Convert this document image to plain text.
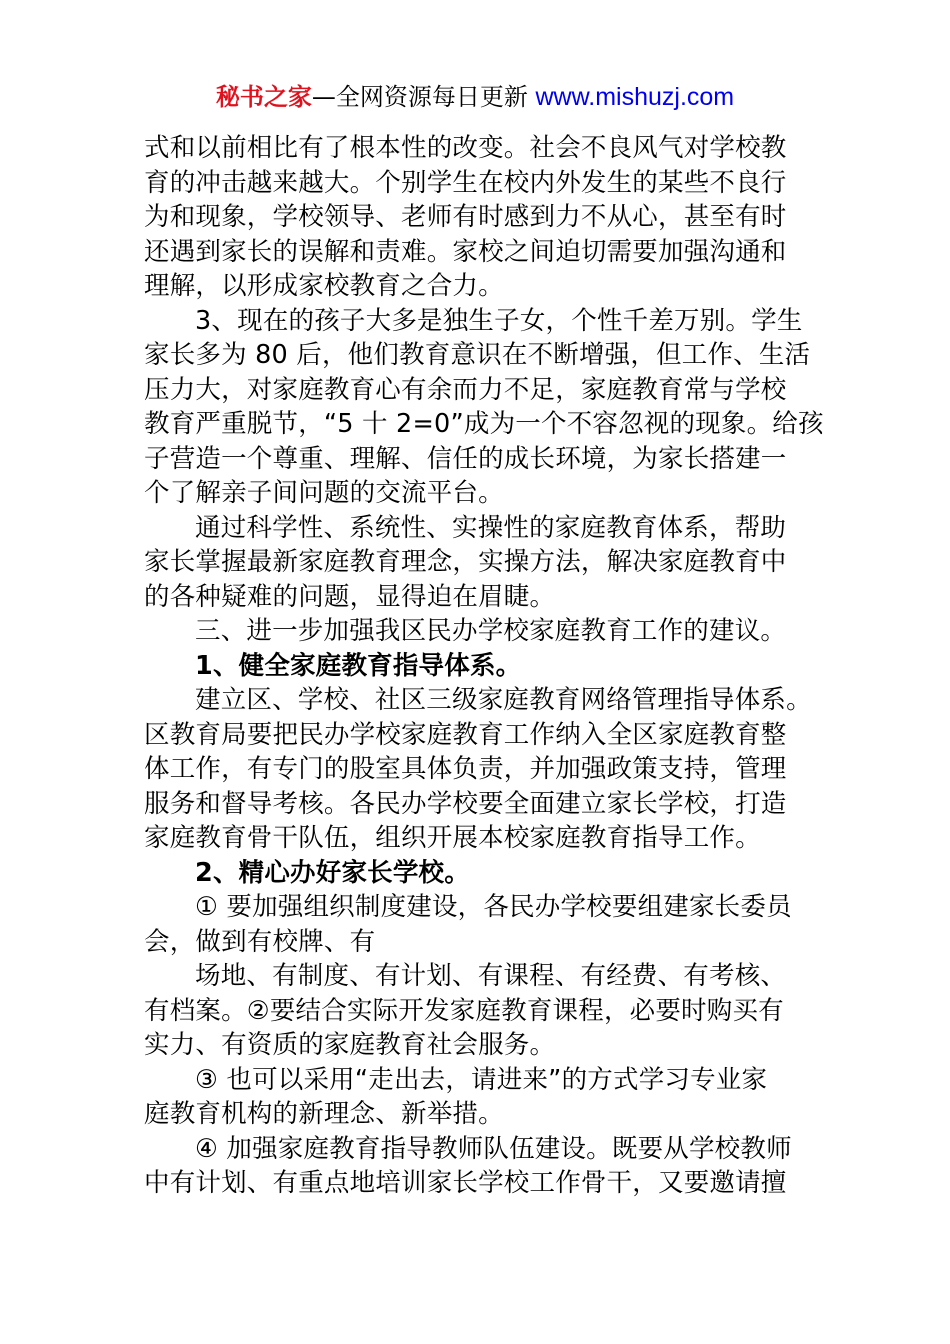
秘书之家—全网资源每日更新 www.mishuzj.com
式和以前相比有了根本性的改变。社会不良风气对学校教
育的冲击越来越大。个别学生在校内外发生的某些不良行
为和现象，学校领导、老师有时感到力不从心，甚至有时
还遇到家长的误解和责难。家校之间迫切需要加强沟通和
理解，以形成家校教育之合力。
3、现在的孩子大多是独生子女，个性千差万别。学生
家长多为 80 后，他们教育意识在不断增强，但工作、生活
压力大，对家庭教育心有余而力不足，家庭教育常与学校
教育严重脱节，“5 十 2=0”成为一个不容忽视的现象。给孩
子营造一个尊重、理解、信任的成长环境，为家长搭建一
个了解亲子间问题的交流平台。
通过科学性、系统性、实操性的家庭教育体系，帮助
家长掌握最新家庭教育理念，实操方法，解决家庭教育中
的各种疑难的问题，显得迫在眉睫。
三、进一步加强我区民办学校家庭教育工作的建议。
1、健全家庭教育指导体系。
建立区、学校、社区三级家庭教育网络管理指导体系。
区教育局要把民办学校家庭教育工作纳入全区家庭教育整
体工作，有专门的股室具体负责，并加强政策支持，管理
服务和督导考核。各民办学校要全面建立家长学校，打造
家庭教育骨干队伍，组织开展本校家庭教育指导工作。
2、精心办好家长学校。
① 要加强组织制度建设，各民办学校要组建家长委员
会，做到有校牌、有
场地、有制度、有计划、有课程、有经费、有考核、
有档案。②要结合实际开发家庭教育课程，必要时购买有
实力、有资质的家庭教育社会服务。
③ 也可以采用“走出去，请进来”的方式学习专业家
庭教育机构的新理念、新举措。
④ 加强家庭教育指导教师队伍建设。既要从学校教师
中有计划、有重点地培训家长学校工作骨干，又要邀请擅
